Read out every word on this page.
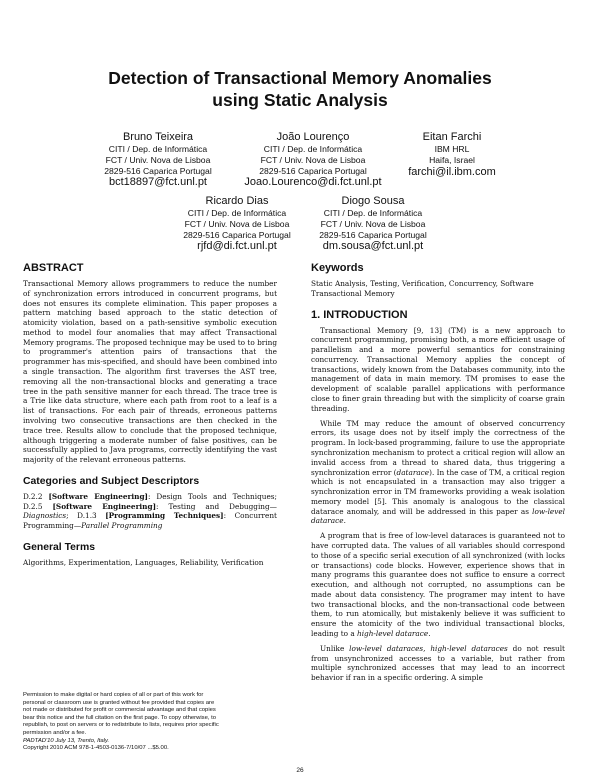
Detection of Transactional Memory Anomalies
using Static Analysis
Bruno Teixeira
CITI / Dep. de Informática
FCT / Univ. Nova de Lisboa
2829-516 Caparica Portugal
bct18897@fct.unl.pt
João Lourenço
CITI / Dep. de Informática
FCT / Univ. Nova de Lisboa
2829-516 Caparica Portugal
Joao.Lourenco@di.fct.unl.pt
Eitan Farchi
IBM HRL
Haifa, Israel
farchi@il.ibm.com
Ricardo Dias
CITI / Dep. de Informática
FCT / Univ. Nova de Lisboa
2829-516 Caparica Portugal
rjfd@di.fct.unl.pt
Diogo Sousa
CITI / Dep. de Informática
FCT / Univ. Nova de Lisboa
2829-516 Caparica Portugal
dm.sousa@fct.unl.pt
ABSTRACT

Transactional Memory allows programmers to reduce the number of synchronization errors introduced in concurrent programs, but does not ensures its complete elimination. This paper proposes a pattern matching based approach to the static detection of atomicity violation, based on a path-sensitive symbolic execution method to model four anomalies that may affect Transactional Memory programs. The proposed technique may be used to to bring to programmer's attention pairs of transactions that the programmer has mis-specified, and should have been combined into a single transaction. The algorithm first traverses the AST tree, removing all the non-transactional blocks and generating a trace tree in the path sensitive manner for each thread. The trace tree is a Trie like data structure, where each path from root to a leaf is a list of transactions. For each pair of threads, erroneous patterns involving two consecutive transactions are then checked in the trace tree. Results allow to conclude that the proposed technique, although triggering a moderate number of false positives, can be successfully applied to Java programs, correctly identifying the vast majority of the relevant erroneous patterns.

Categories and Subject Descriptors

D.2.2 [Software Engineering]: Design Tools and Techniques; D.2.5 [Software Engineering]: Testing and Debugging—Diagnostics; D.1.3 [Programming Techniques]: Concurrent Programming—Parallel Programming

General Terms

Algorithms, Experimentation, Languages, Reliability, Verification

Permission to make digital or hard copies of all or part of this work for
personal or classroom use is granted without fee provided that copies are
not made or distributed for profit or commercial advantage and that copies
bear this notice and the full citation on the first page. To copy otherwise, to
republish, to post on servers or to redistribute to lists, requires prior specific
permission and/or a fee.
PADTAD'10 July 13, Trento, Italy.
Copyright 2010 ACM 978-1-4503-0136-7/10/07 ...$5.00.
Keywords

Static Analysis, Testing, Verification, Concurrency, Software Transactional Memory

1. INTRODUCTION

Transactional Memory [9, 13] (TM) is a new approach to concurrent programming, promising both, a more efficient usage of parallelism and a more powerful semantics for constraining concurrency. Transactional Memory applies the concept of transactions, widely known from the Databases community, into the management of data in main memory. TM promises to ease the development of scalable parallel applications with performance close to finer grain threading but with the simplicity of coarse grain threading.

While TM may reduce the amount of observed concurrency errors, its usage does not by itself imply the correctness of the program. In lock-based programming, failure to use the appropriate synchronization mechanism to protect a critical region will allow an invalid access from a thread to shared data, thus triggering a synchronization error (datarace). In the case of TM, a critical region which is not encapsulated in a transaction may also trigger a synchronization error in TM frameworks providing a weak isolation memory model [5]. This anomaly is analogous to the classical datarace anomaly, and will be addressed in this paper as low-level datarace.

A program that is free of low-level dataraces is guaranteed not to have corrupted data. The values of all variables should correspond to those of a specific serial execution of all synchronized (with locks or transactions) code blocks. However, experience shows that in many programs this guarantee does not suffice to ensure a correct execution, and although not corrupted, no assumptions can be made about data consistency. The programer may intent to have two transactional blocks, and the non-transactional code between them, to run atomically, but mistakenly believe it was sufficient to ensure the atomicity of the two individual transactional blocks, leading to a high-level datarace.

Unlike low-level dataraces, high-level dataraces do not result from unsynchronized accesses to a variable, but rather from multiple synchronized accesses that may lead to an incorrect behavior if ran in a specific ordering. A simple

26
